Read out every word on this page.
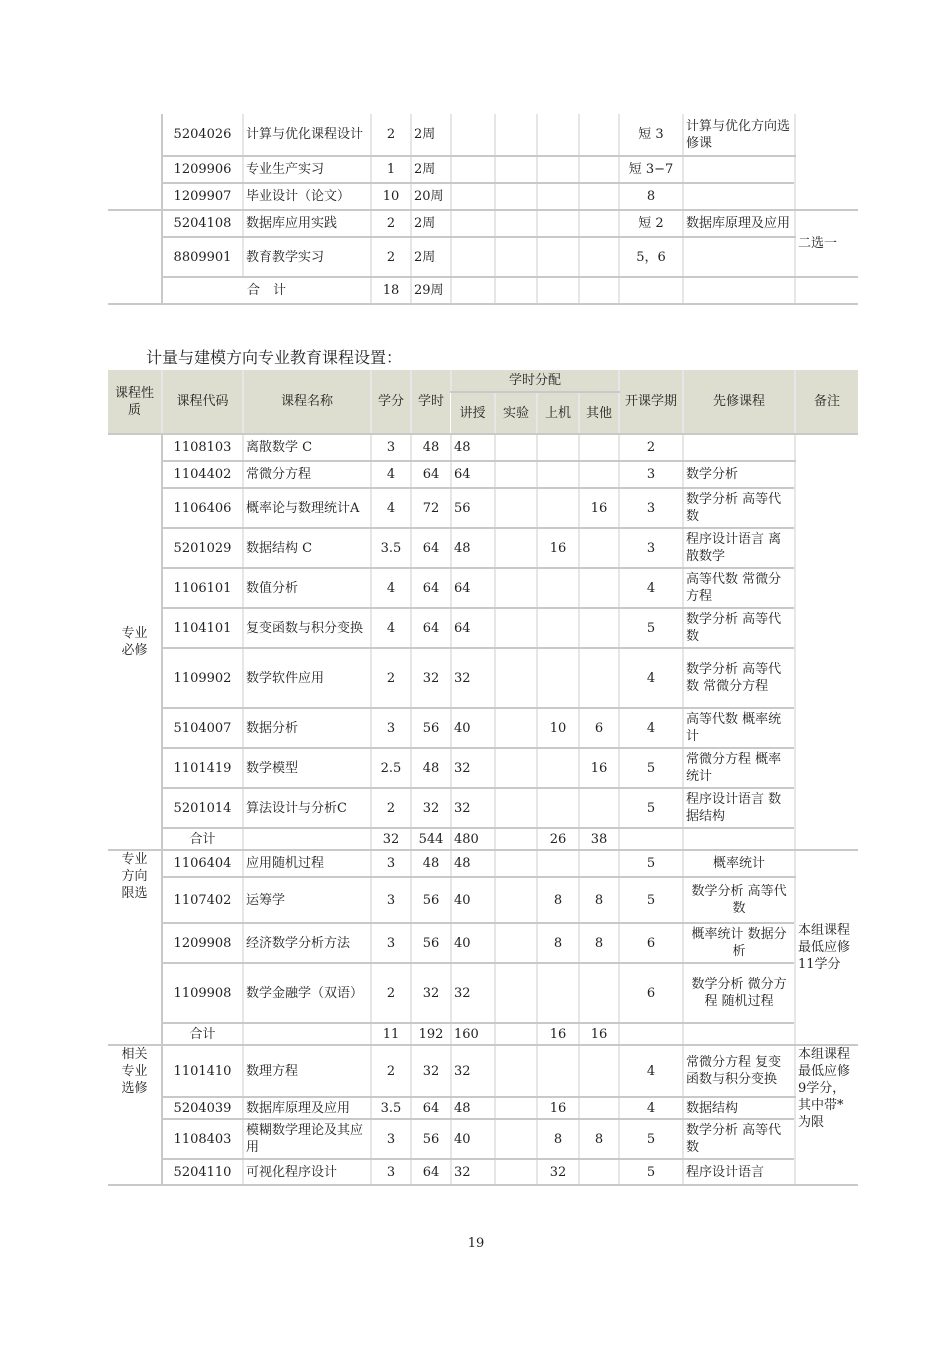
	5204026	计算与优化课程设计	2	2周					短 3	计算与优化方向选修课	
	1209906	专业生产实习	1	2周					短 3−7		
	1209907	毕业设计（论文）	10	20周					8		
	5204108	数据库应用实践	2	2周					短 2	数据库原理及应用	二选一
	8809901	教育教学实习	2	2周					5，6		
	合　计		18	29周							
计量与建模方向专业教育课程设置：
课程性质	课程代码	课程名称	学分	学时	学时分配				开课学期	先修课程	备注
					讲授	实验	上机	其他			
专业必修	1108103	离散数学 C	3	48	48				2		
	1104402	常微分方程	4	64	64				3	数学分析	
	1106406	概率论与数理统计A	4	72	56			16	3	数学分析 高等代数	
	5201029	数据结构 C	3.5	64	48		16		3	程序设计语言 离散数学	
	1106101	数值分析	4	64	64				4	高等代数 常微分方程	
	1104101	复变函数与积分变换	4	64	64				5	数学分析 高等代数	
	1109902	数学软件应用	2	32	32				4	数学分析 高等代数 常微分方程	
	5104007	数据分析	3	56	40		10	6	4	高等代数 概率统计	
	1101419	数学模型	2.5	48	32			16	5	常微分方程 概率统计	
	5201014	算法设计与分析C	2	32	32				5	程序设计语言 数据结构	
	合计		32	544	480		26	38			
专业方向限选	1106404	应用随机过程	3	48	48				5	概率统计	本组课程最低应修11学分
	1107402	运筹学	3	56	40		8	8	5	数学分析 高等代数	
	1209908	经济数学分析方法	3	56	40		8	8	6	概率统计 数据分析	
	1109908	数学金融学（双语）	2	32	32				6	数学分析 微分方程 随机过程	
	合计		11	192	160		16	16			
相关专业选修	1101410	数理方程	2	32	32				4	常微分方程 复变函数与积分变换	本组课程最低应修9学分，其中带*为限
	5204039	数据库原理及应用	3.5	64	48		16		4	数据结构	
	1108403	模糊数学理论及其应用	3	56	40		8	8	5	数学分析 高等代数	
	5204110	可视化程序设计	3	64	32		32		5	程序设计语言	
19
